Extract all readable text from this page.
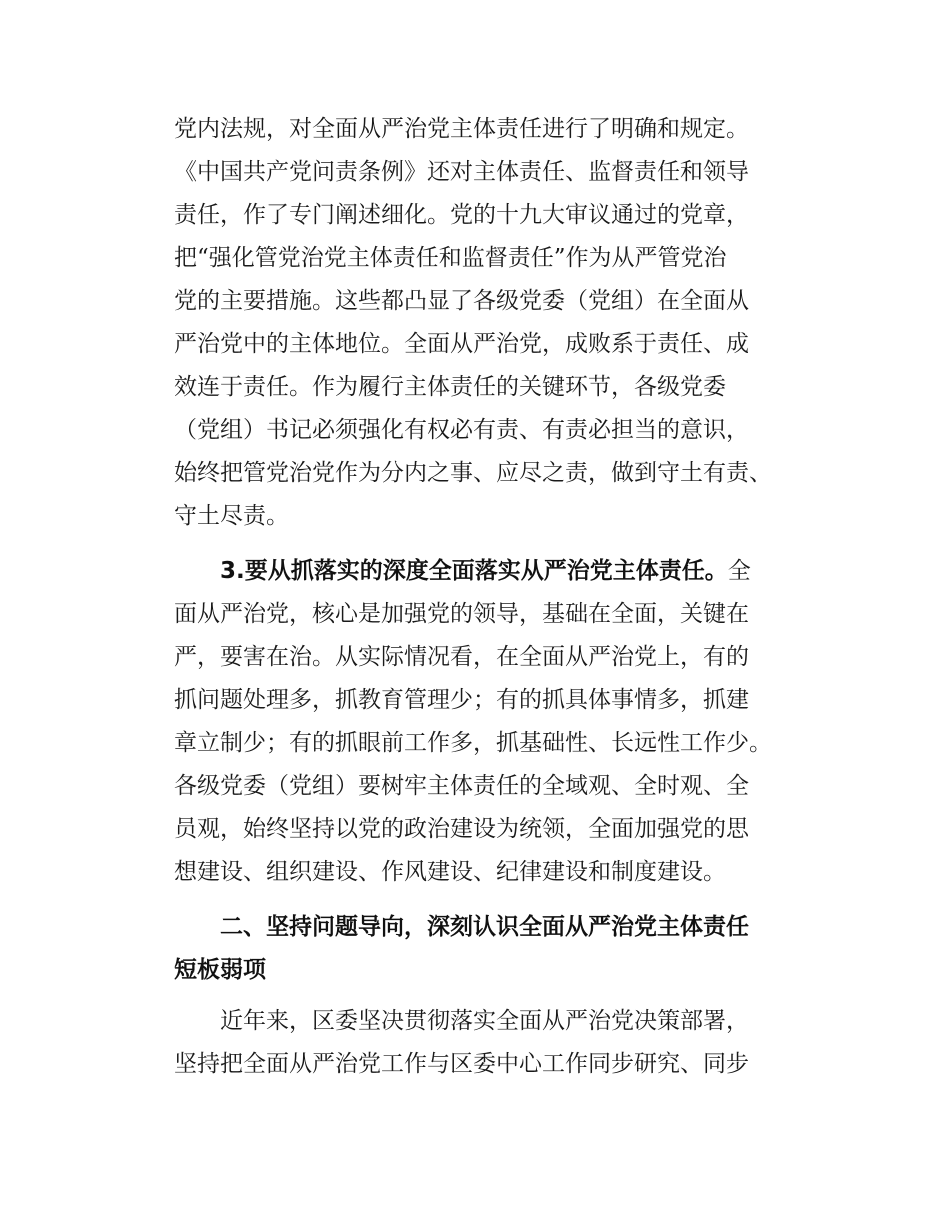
党内法规，对全面从严治党主体责任进行了明确和规定。
《中国共产党问责条例》还对主体责任、监督责任和领导
责任，作了专门阐述细化。党的十九大审议通过的党章，
把“强化管党治党主体责任和监督责任”作为从严管党治
党的主要措施。这些都凸显了各级党委（党组）在全面从
严治党中的主体地位。全面从严治党，成败系于责任、成
效连于责任。作为履行主体责任的关键环节，各级党委
（党组）书记必须强化有权必有责、有责必担当的意识，
始终把管党治党作为分内之事、应尽之责，做到守土有责、
守土尽责。
3.要从抓落实的深度全面落实从严治党主体责任。全
面从严治党，核心是加强党的领导，基础在全面，关键在
严，要害在治。从实际情况看，在全面从严治党上，有的
抓问题处理多，抓教育管理少；有的抓具体事情多，抓建
章立制少；有的抓眼前工作多，抓基础性、长远性工作少。
各级党委（党组）要树牢主体责任的全域观、全时观、全
员观，始终坚持以党的政治建设为统领，全面加强党的思
想建设、组织建设、作风建设、纪律建设和制度建设。
二、坚持问题导向，深刻认识全面从严治党主体责任
短板弱项
近年来，区委坚决贯彻落实全面从严治党决策部署，
坚持把全面从严治党工作与区委中心工作同步研究、同步
